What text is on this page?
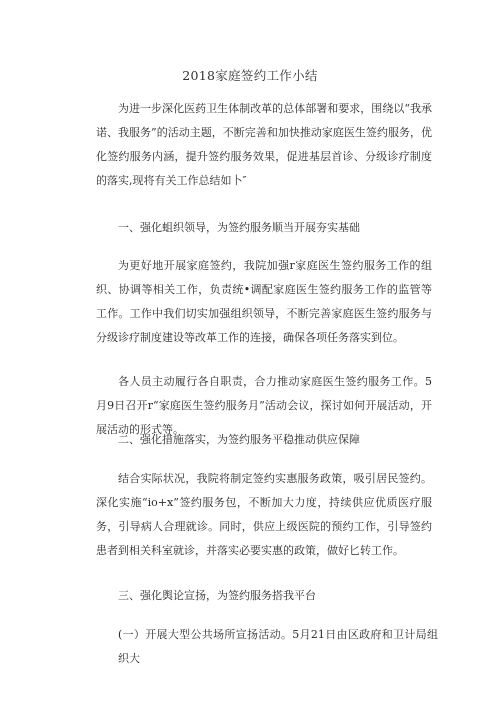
2018家庭签约工作小结
为进一步深化医药卫生体制改革的总体部署和要求，围绕以“我承诺、我服务”的活动主题，不断完善和加快推动家庭医生签约服务，优化签约服务内涵，提升签约服务效果，促进基层首诊、分级诊疗制度的落实,现将有关工作总结如卜″
一、强化蛆织领导，为签约服务顺当开展夯实基础
为更好地开展家庭签约，我院加强r家庭医生签约服务工作的组织、协调等相关工作，负责统•调配家庭医生签约服务工作的监管等工作。工作中我们切实加强组织领导，不断完善家庭医生签约服务与分级诊疗制度建设等改革工作的连接，确保各项任务落实到位。
各人员主动履行各自职责，合力推动家庭医生签约服务工作。5月9日召开r“家庭医生签约服务月”活动会议，探讨如何开展活动，开展活动的形式等。
二、强化措施落实，为签约服务平稳推动供应保障
结合实际状况，我院将制定签约实惠服务政策，吸引居民签约。深化实施“io+x”签约服务包，不断加大力度，持续供应优质医疗服务，引导病人合理就诊。同时，供应上级医院的预约工作，引导签约患者到相关科室就诊，并落实必要实惠的政策，做好匕转工作。
三、强化舆论宣扬，为签约服务搭我平台
(一）开展大型公共场所宣扬活动。5月21日由区政府和卫计局组织大
